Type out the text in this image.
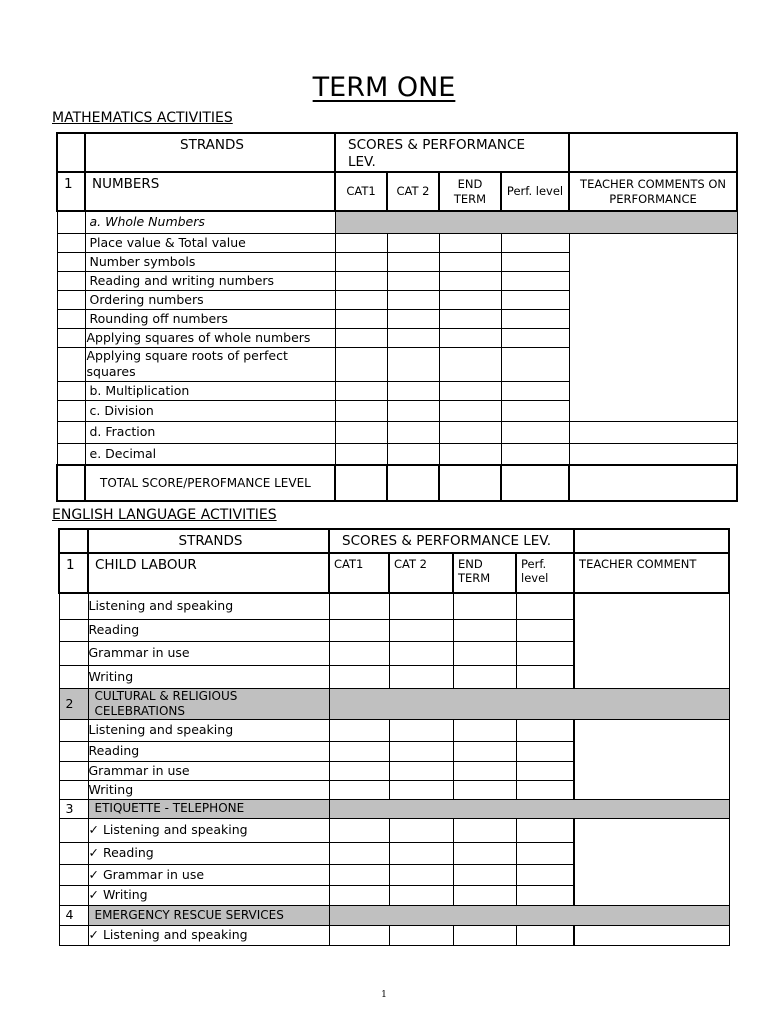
TERM ONE
MATHEMATICS ACTIVITIES
	STRANDS	SCORES & PERFORMANCE LEV.				
1	NUMBERS	CAT1	CAT 2	END TERM	Perf. level	TEACHER COMMENTS ON PERFORMANCE
	a. Whole Numbers					
	Place value & Total value					
	Number symbols					
	Reading and writing numbers					
	Ordering numbers					
	Rounding off numbers					
	Applying squares of whole numbers					
	Applying square roots of perfect squares					
	b. Multiplication					
	c. Division					
	d. Fraction					
	e. Decimal					
	TOTAL SCORE/PEROFMANCE LEVEL					
ENGLISH LANGUAGE ACTIVITIES
	STRANDS	SCORES & PERFORMANCE LEV.				
1	CHILD LABOUR	CAT1	CAT 2	END TERM	Perf. level	TEACHER COMMENT
	Listening and speaking					
	Reading					
	Grammar in use					
	Writing					
2	CULTURAL & RELIGIOUS CELEBRATIONS					
	Listening and speaking					
	Reading					
	Grammar in use					
	Writing					
3	ETIQUETTE - TELEPHONE					
	✓ Listening and speaking					
	✓ Reading					
	✓ Grammar in use					
	✓ Writing					
4	EMERGENCY RESCUE SERVICES					
	✓ Listening and speaking					
1
